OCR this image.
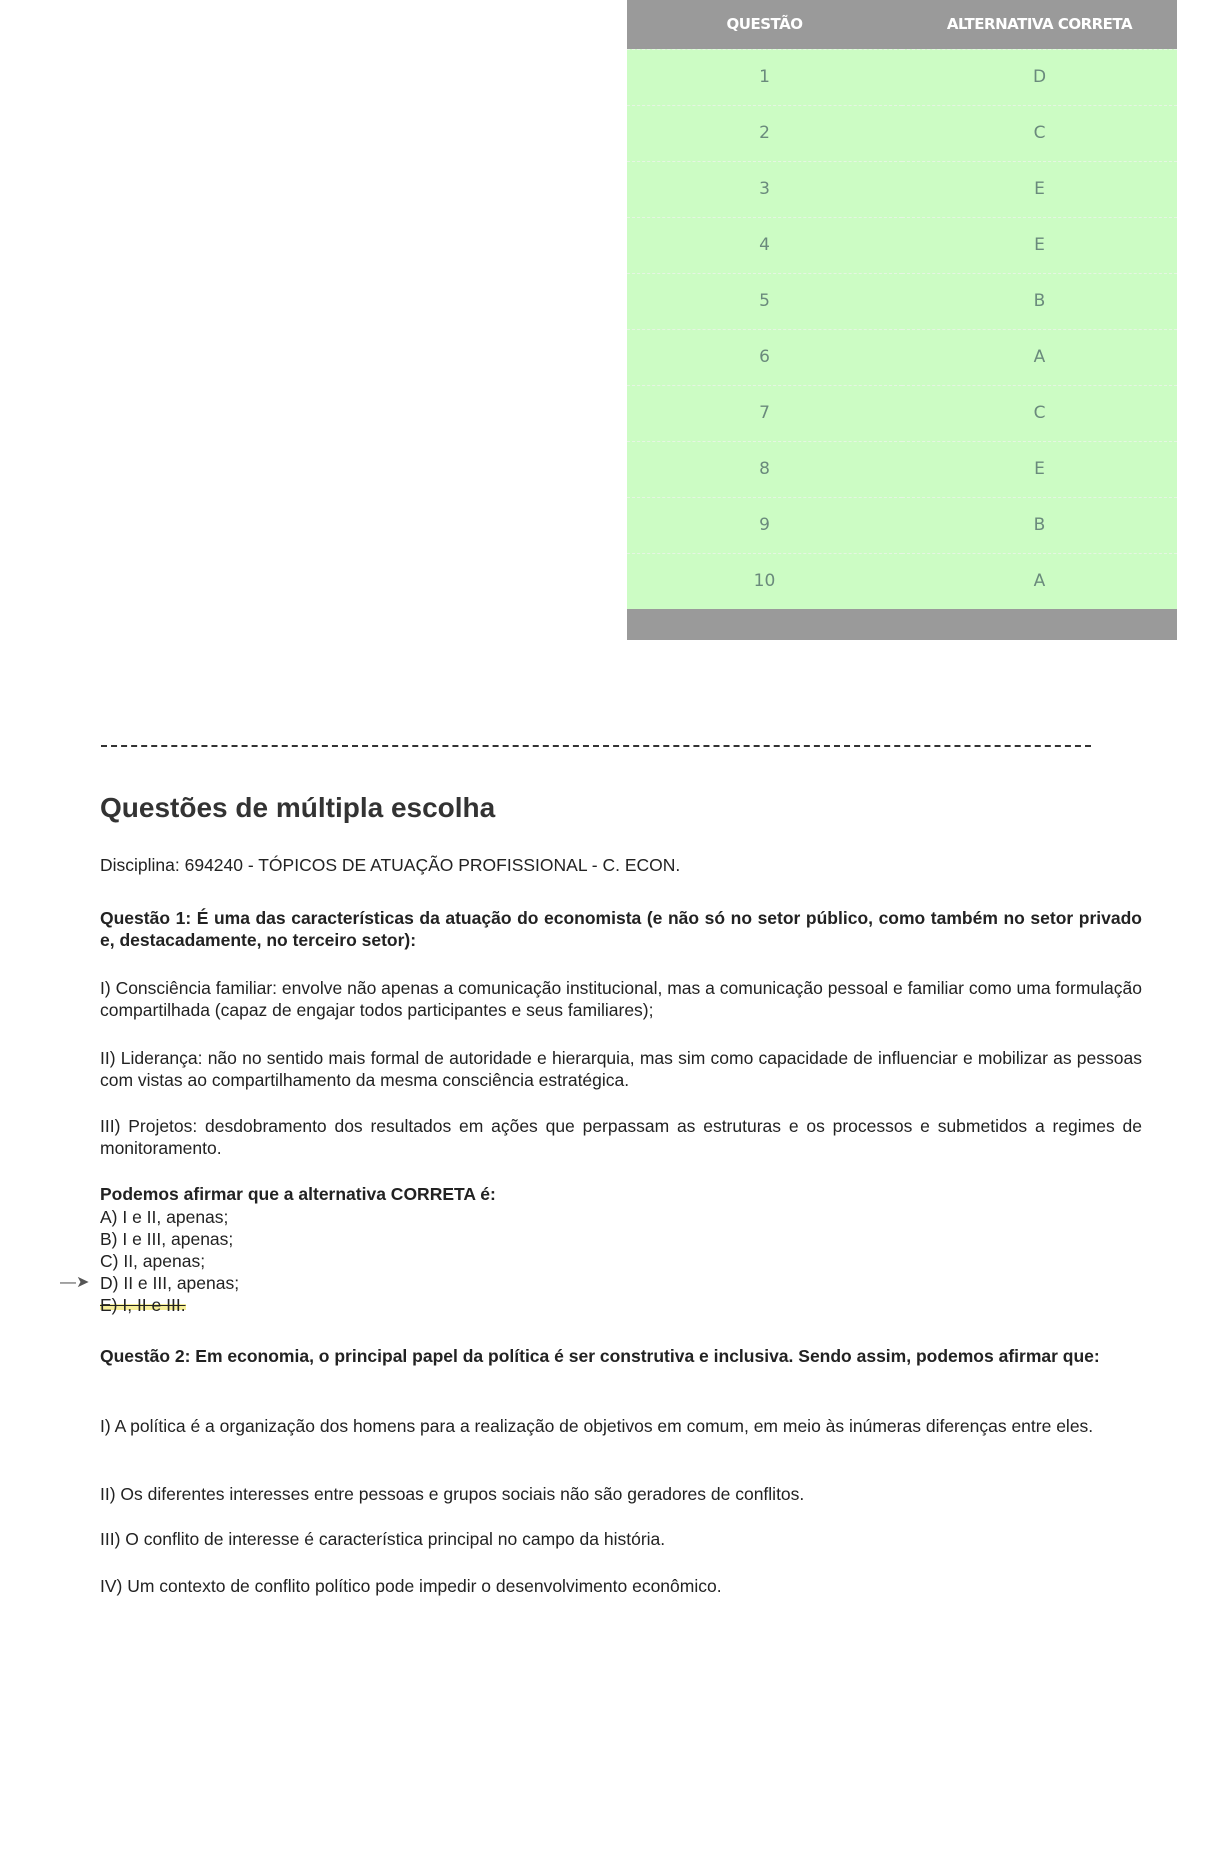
QUESTÃO	ALTERNATIVA CORRETA
1	D
2	C
3	E
4	E
5	B
6	A
7	C
8	E
9	B
10	A

Questões de múltipla escolha
Disciplina: 694240 - TÓPICOS DE ATUAÇÃO PROFISSIONAL - C. ECON.
Questão 1: É uma das características da atuação do economista (e não só no setor público, como também no setor privado e, destacadamente, no terceiro setor):
I) Consciência familiar: envolve não apenas a comunicação institucional, mas a comunicação pessoal e familiar como uma formulação compartilhada (capaz de engajar todos participantes e seus familiares);
II) Liderança: não no sentido mais formal de autoridade e hierarquia, mas sim como capacidade de influenciar e mobilizar as pessoas com vistas ao compartilhamento da mesma consciência estratégica.
III) Projetos: desdobramento dos resultados em ações que perpassam as estruturas e os processos e submetidos a regimes de monitoramento.
Podemos afirmar que a alternativa CORRETA é:
A) I e II, apenas;
B) I e III, apenas;
C) II, apenas;
—➤ D) II e III, apenas;
E) I, II e III.
Questão 2: Em economia, o principal papel da política é ser construtiva e inclusiva. Sendo assim, podemos afirmar que:
I) A política é a organização dos homens para a realização de objetivos em comum, em meio às inúmeras diferenças entre eles.
II) Os diferentes interesses entre pessoas e grupos sociais não são geradores de conflitos.
III) O conflito de interesse é característica principal no campo da história.
IV) Um contexto de conflito político pode impedir o desenvolvimento econômico.
